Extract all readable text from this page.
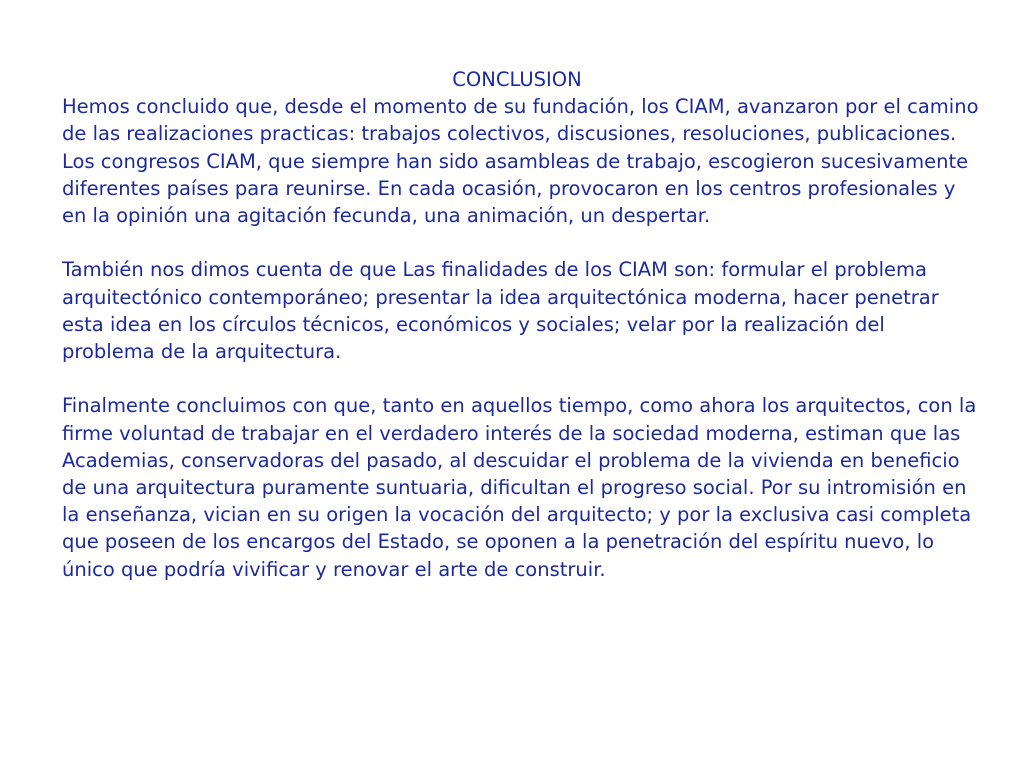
CONCLUSION

Hemos concluido que, desde el momento de su fundación, los CIAM, avanzaron por el camino de las realizaciones practicas: trabajos colectivos, discusiones, resoluciones, publicaciones. Los congresos CIAM, que siempre han sido asambleas de trabajo, escogieron sucesivamente diferentes países para reunirse. En cada ocasión, provocaron en los centros profesionales y en la opinión una agitación fecunda, una animación, un despertar.

También nos dimos cuenta de que Las finalidades de los CIAM son: formular el problema arquitectónico contemporáneo; presentar la idea arquitectónica moderna, hacer penetrar esta idea en los círculos técnicos, económicos y sociales; velar por la realización del problema de la arquitectura.

Finalmente concluimos con que, tanto en aquellos tiempo, como ahora los arquitectos, con la firme voluntad de trabajar en el verdadero interés de la sociedad moderna, estiman que las Academias, conservadoras del pasado, al descuidar el problema de la vivienda en beneficio de una arquitectura puramente suntuaria, dificultan el progreso social. Por su intromisión en la enseñanza, vician en su origen la vocación del arquitecto; y por la exclusiva casi completa que poseen de los encargos del Estado, se oponen a la penetración del espíritu nuevo, lo único que podría vivificar y renovar el arte de construir.
